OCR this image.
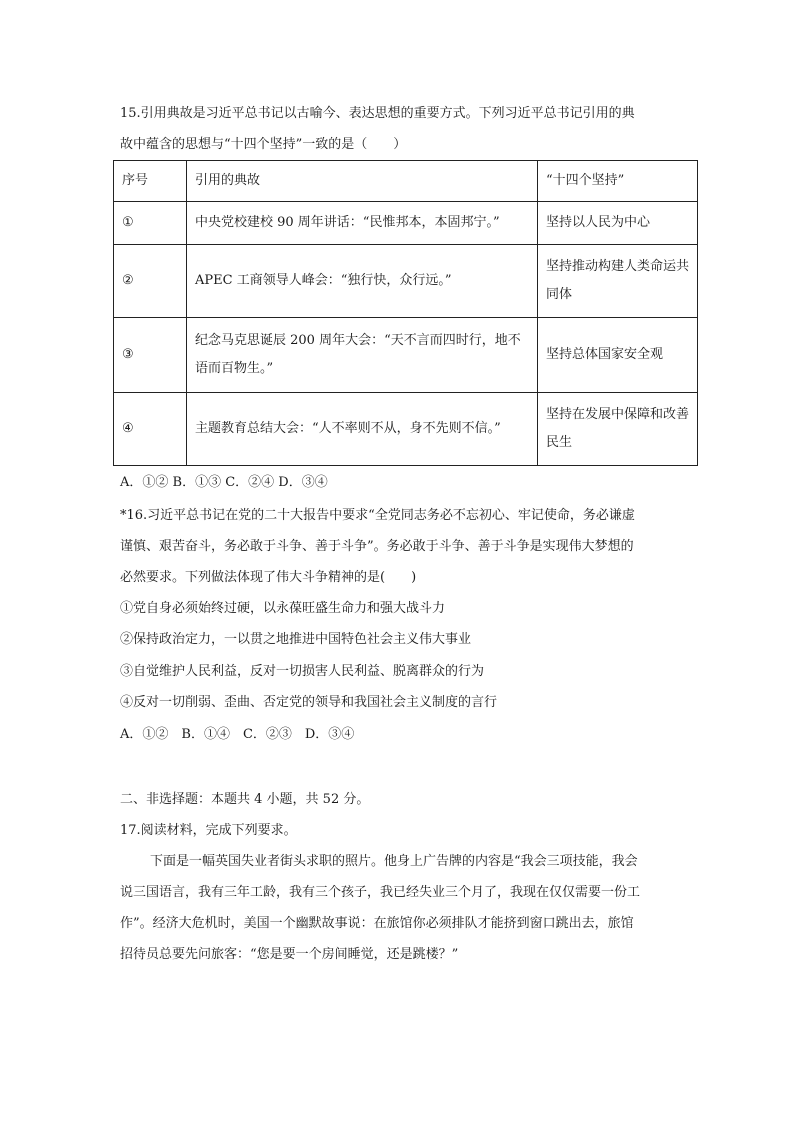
15.引用典故是习近平总书记以古喻今、表达思想的重要方式。下列习近平总书记引用的典
故中蕴含的思想与“十四个坚持”一致的是（　　）
序号	引用的典故	“十四个坚持”
①	中央党校建校 90 周年讲话：“民惟邦本，本固邦宁。”	坚持以人民为中心
②	APEC 工商领导人峰会：“独行快，众行远。”	坚持推动构建人类命运共同体
③	纪念马克思诞辰 200 周年大会：“天不言而四时行，地不语而百物生。”	坚持总体国家安全观
④	主题教育总结大会：“人不率则不从，身不先则不信。”	坚持在发展中保障和改善民生
A．①② B．①③ C．②④ D．③④
*16.习近平总书记在党的二十大报告中要求“全党同志务必不忘初心、牢记使命，务必谦虚
谨慎、艰苦奋斗，务必敢于斗争、善于斗争”。务必敢于斗争、善于斗争是实现伟大梦想的
必然要求。下列做法体现了伟大斗争精神的是(　　)
①党自身必须始终过硬，以永葆旺盛生命力和强大战斗力
②保持政治定力，一以贯之地推进中国特色社会主义伟大事业
③自觉维护人民利益，反对一切损害人民利益、脱离群众的行为
④反对一切削弱、歪曲、否定党的领导和我国社会主义制度的言行
A．①②　B．①④　C．②③　D．③④
二、非选择题：本题共 4 小题，共 52 分。
17.阅读材料，完成下列要求。
下面是一幅英国失业者街头求职的照片。他身上广告牌的内容是“我会三项技能，我会
说三国语言，我有三年工龄，我有三个孩子，我已经失业三个月了，我现在仅仅需要一份工
作”。经济大危机时，美国一个幽默故事说：在旅馆你必须排队才能挤到窗口跳出去，旅馆
招待员总要先问旅客：“您是要一个房间睡觉，还是跳楼？”
